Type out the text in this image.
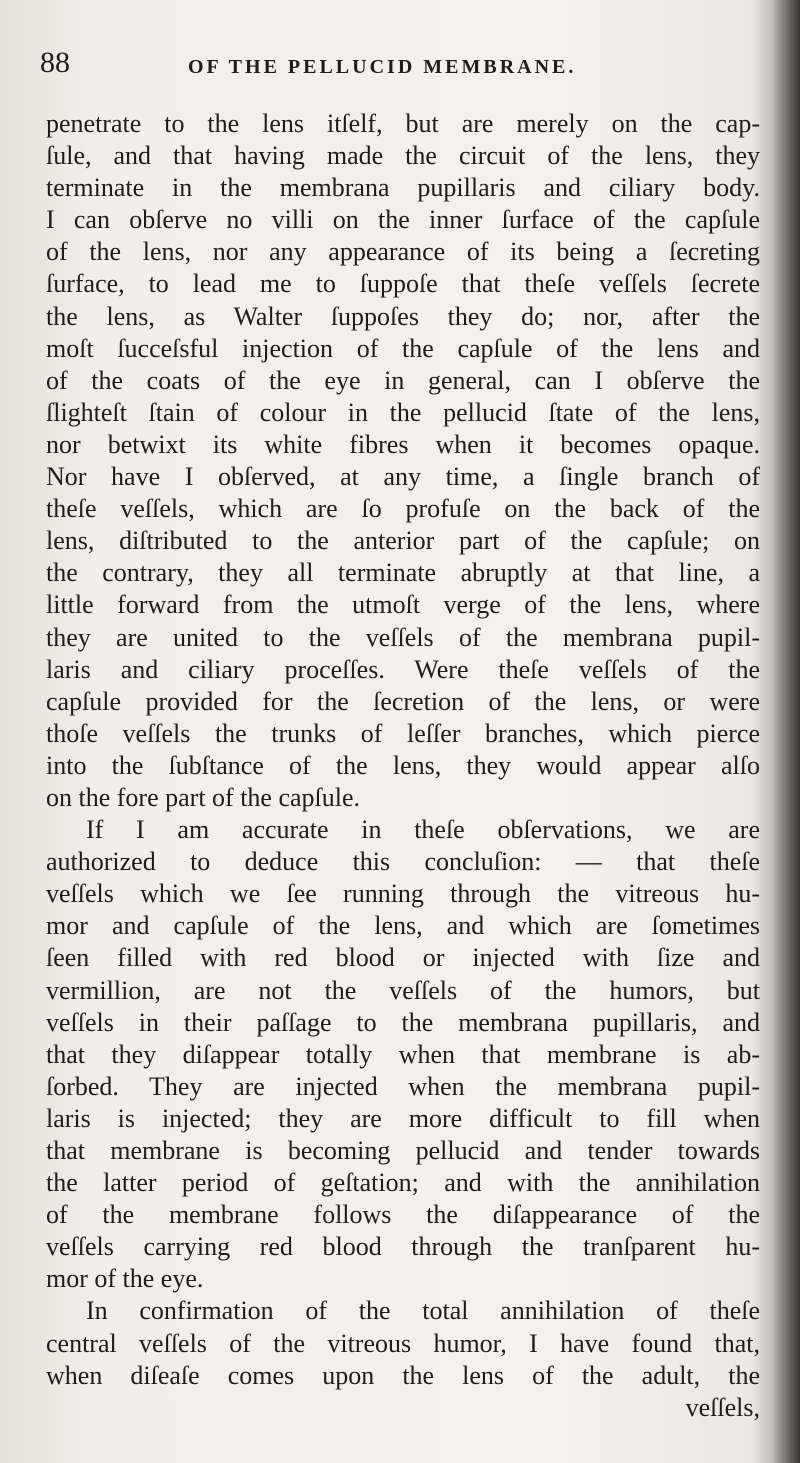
88	OF THE PELLUCID MEMBRANE.
penetrate to the lens itſelf, but are merely on the cap-
ſule, and that having made the circuit of the lens, they
terminate in the membrana pupillaris and ciliary body.
I can obſerve no villi on the inner ſurface of the capſule
of the lens, nor any appearance of its being a ſecreting
ſurface, to lead me to ſuppoſe that theſe veſſels ſecrete
the lens, as Walter ſuppoſes they do; nor, after the
moſt ſucceſsful injection of the capſule of the lens and
of the coats of the eye in general, can I obſerve the
ſlighteſt ſtain of colour in the pellucid ſtate of the lens,
nor betwixt its white fibres when it becomes opaque.
Nor have I obſerved, at any time, a ſingle branch of
theſe veſſels, which are ſo profuſe on the back of the
lens, diſtributed to the anterior part of the capſule; on
the contrary, they all terminate abruptly at that line, a
little forward from the utmoſt verge of the lens, where
they are united to the veſſels of the membrana pupil-
laris and ciliary proceſſes. Were theſe veſſels of the
capſule provided for the ſecretion of the lens, or were
thoſe veſſels the trunks of leſſer branches, which pierce
into the ſubſtance of the lens, they would appear alſo
on the fore part of the capſule.
If I am accurate in theſe obſervations, we are
authorized to deduce this concluſion: — that theſe
veſſels which we ſee running through the vitreous hu-
mor and capſule of the lens, and which are ſometimes
ſeen filled with red blood or injected with ſize and
vermillion, are not the veſſels of the humors, but
veſſels in their paſſage to the membrana pupillaris, and
that they diſappear totally when that membrane is ab-
ſorbed. They are injected when the membrana pupil-
laris is injected; they are more difficult to fill when
that membrane is becoming pellucid and tender towards
the latter period of geſtation; and with the annihilation
of the membrane follows the diſappearance of the
veſſels carrying red blood through the tranſparent hu-
mor of the eye.
In confirmation of the total annihilation of theſe
central veſſels of the vitreous humor, I have found that,
when diſeaſe comes upon the lens of the adult, the
veſſels,
